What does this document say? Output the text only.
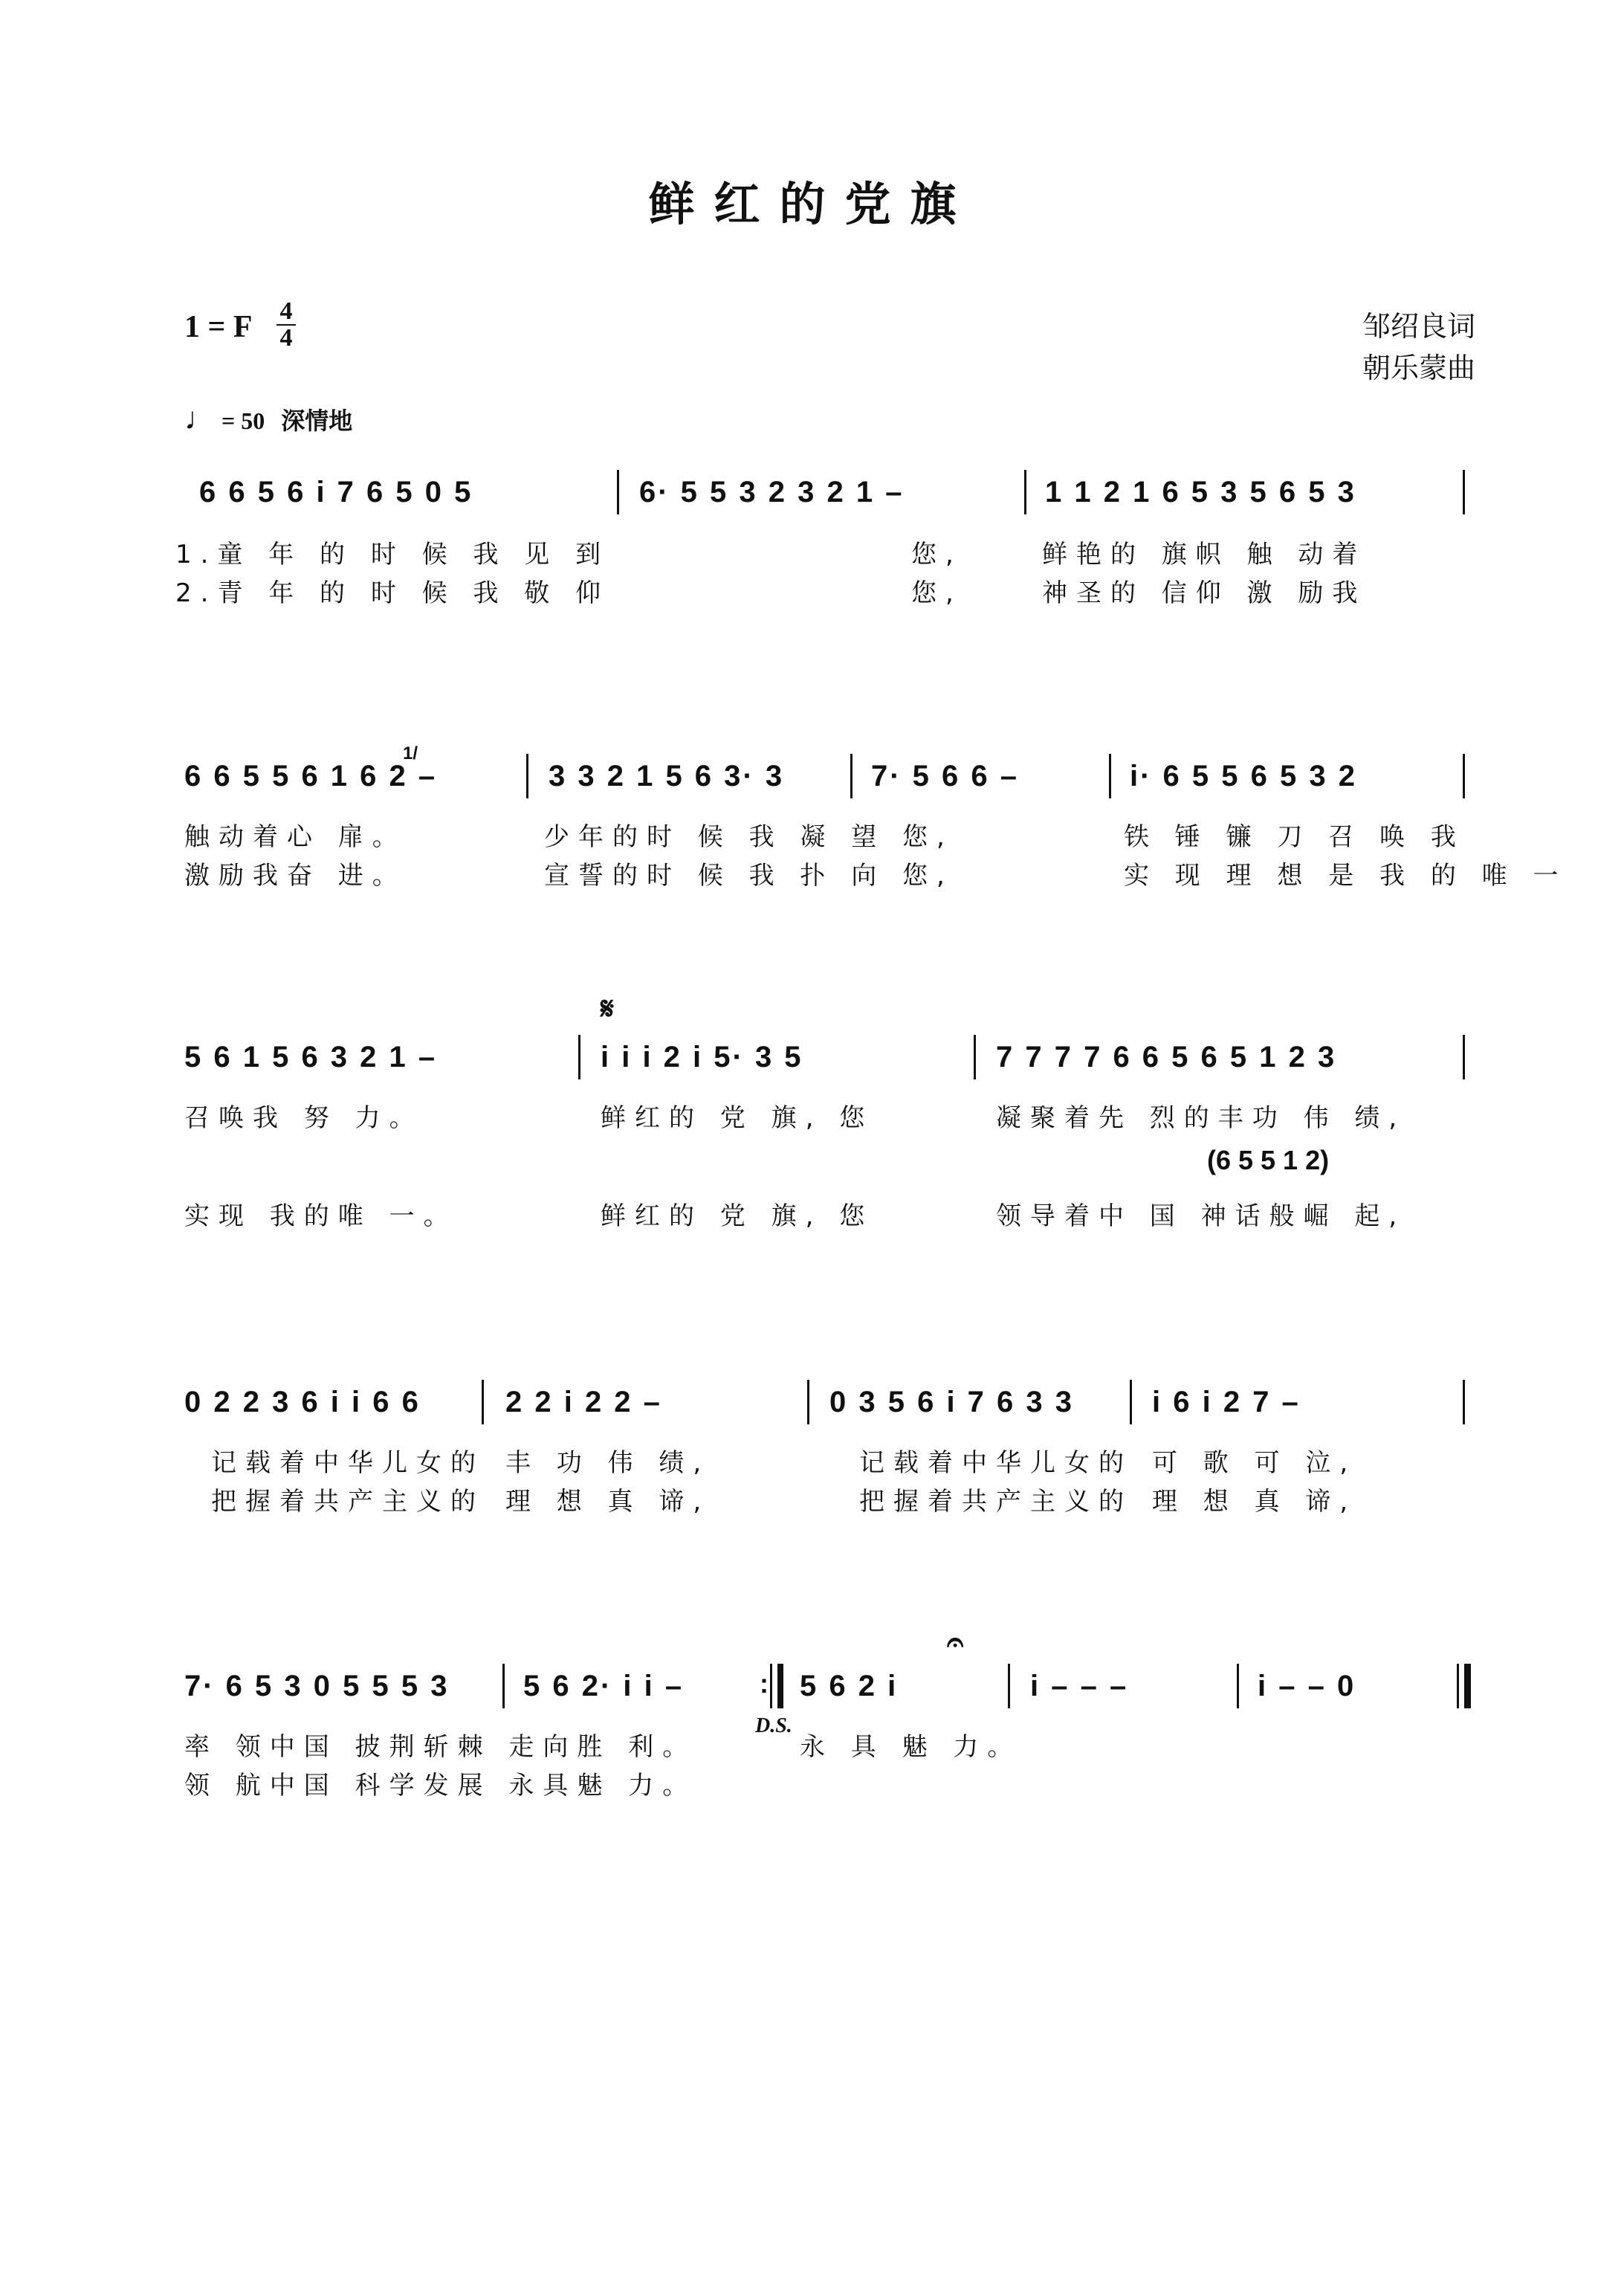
鲜红的党旗
1 = F 4
4	邹绍良词
朝乐蒙曲
♩ = 50 深情地
6 6 5 6 i 7 6 5 0 5	6· 5 5 3 2 3 2 1 –	1 1 2 1 6 5 3 5 6 5 3
1.童 年 的 时 候 我 见 到	您,	鲜艳的 旗帜 触 动着
2.青 年 的 时 候 我 敬 仰	您,	神圣的 信仰 激 励我
6 6 5 5 6 1 6 2 –
1/
3 3 2 1 5 6 3· 3	7· 5 6 6 –	i· 6 5 5 6 5 3 2
触动着心 扉。	少年的时 候 我 凝 望 您,	铁 锤 镰 刀 召 唤 我
激励我奋 进。	宣誓的时 候 我 扑 向 您,	实 现 理 想 是 我 的 唯 一
𝄋
5 6 1 5 6 3 2 1 –	i i i 2 i 5· 3 5	7 7 7 7 6 6 5 6 5 1 2 3
召唤我 努 力。	鲜红的 党 旗, 您	凝聚着先 烈的丰功 伟 绩,
(6 5 5 1 2)
实现 我的唯 一。	鲜红的 党 旗, 您	领导着中 国 神话般崛 起,
0 2 2 3 6 i i 6 6	2 2 i 2 2 –	0 3 5 6 i 7 6 3 3	i 6 i 2 7 –
记载着中华儿女的 丰 功 伟 绩,	记载着中华儿女的 可 歌 可 泣,
把握着共产主义的 理 想 真 谛,	把握着共产主义的 理 想 真 谛,
7· 6 5 3 0 5 5 5 3 5 6 2· i i –	: 5 6 2 i
𝄐
i – – –	i – – 0
D.S.
率 领中国 披荆斩棘 走向胜 利。	永 具 魅 力。
领 航中国 科学发展 永具魅 力。
